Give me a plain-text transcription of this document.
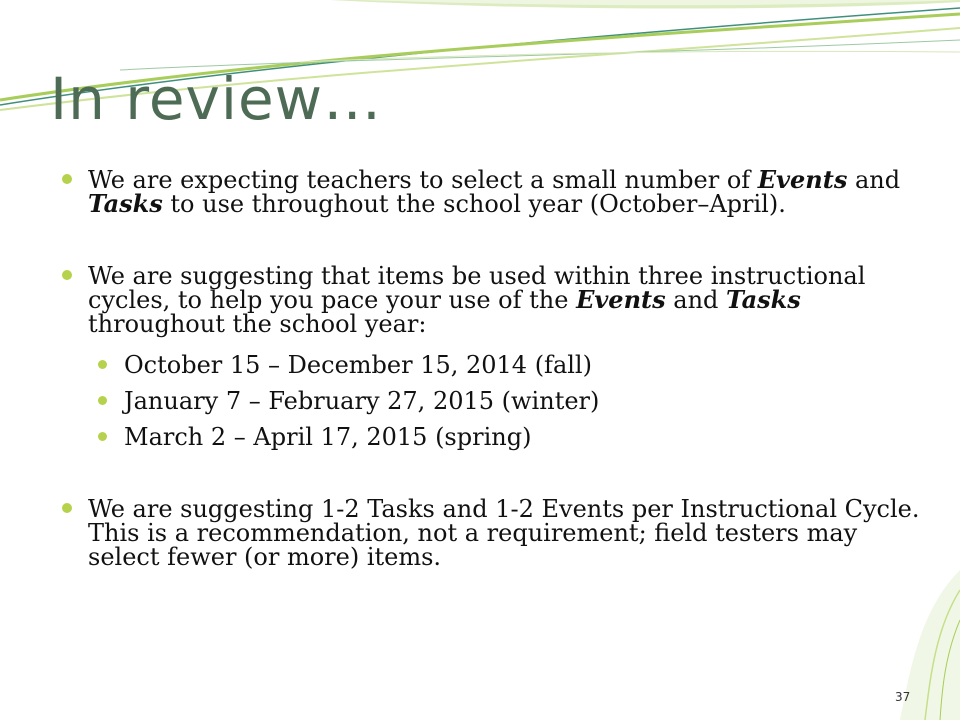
In review…
We are expecting teachers to select a small number of Events and Tasks to use throughout the school year (October–April).
We are suggesting that items be used within three instructional cycles, to help you pace your use of the Events and Tasks throughout the school year:
October 15 – December 15, 2014 (fall)
January 7 – February 27, 2015 (winter)
March 2 – April 17, 2015 (spring)
We are suggesting 1-2 Tasks and 1-2 Events per Instructional Cycle. This is a recommendation, not a requirement; field testers may select fewer (or more) items.
37
